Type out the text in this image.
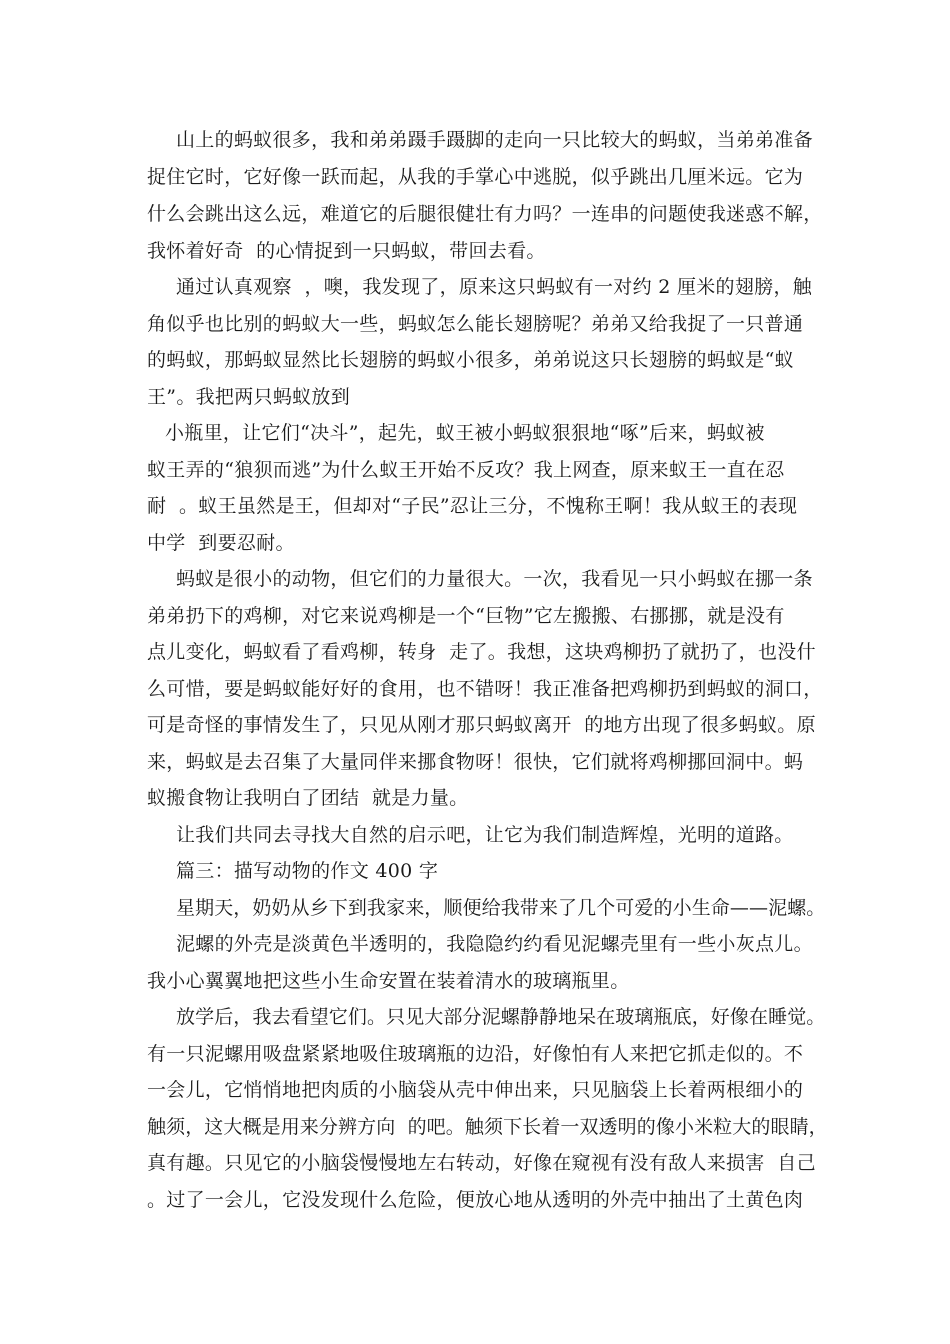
山上的蚂蚁很多，我和弟弟蹑手蹑脚的走向一只比较大的蚂蚁，当弟弟准备
捉住它时，它好像一跃而起，从我的手掌心中逃脱，似乎跳出几厘米远。它为
什么会跳出这么远，难道它的后腿很健壮有力吗？一连串的问题使我迷惑不解，
我怀着好奇  的心情捉到一只蚂蚁，带回去看。
通过认真观察  ，噢，我发现了，原来这只蚂蚁有一对约 2 厘米的翅膀，触
角似乎也比别的蚂蚁大一些，蚂蚁怎么能长翅膀呢？弟弟又给我捉了一只普通
的蚂蚁，那蚂蚁显然比长翅膀的蚂蚁小很多，弟弟说这只长翅膀的蚂蚁是“蚁
王”。我把两只蚂蚁放到
小瓶里，让它们“决斗”，起先，蚁王被小蚂蚁狠狠地“啄”后来，蚂蚁被
蚁王弄的“狼狈而逃”为什么蚁王开始不反攻？我上网查，原来蚁王一直在忍
耐  。蚁王虽然是王，但却对“子民”忍让三分，不愧称王啊！我从蚁王的表现
中学  到要忍耐。
蚂蚁是很小的动物，但它们的力量很大。一次，我看见一只小蚂蚁在挪一条
弟弟扔下的鸡柳，对它来说鸡柳是一个“巨物”它左搬搬、右挪挪，就是没有
点儿变化，蚂蚁看了看鸡柳，转身  走了。我想，这块鸡柳扔了就扔了，也没什
么可惜，要是蚂蚁能好好的食用，也不错呀！我正准备把鸡柳扔到蚂蚁的洞口，
可是奇怪的事情发生了，只见从刚才那只蚂蚁离开  的地方出现了很多蚂蚁。原
来，蚂蚁是去召集了大量同伴来挪食物呀！很快，它们就将鸡柳挪回洞中。蚂
蚁搬食物让我明白了团结  就是力量。
让我们共同去寻找大自然的启示吧，让它为我们制造辉煌，光明的道路。
篇三：描写动物的作文 400 字
星期天，奶奶从乡下到我家来，顺便给我带来了几个可爱的小生命——泥螺。
泥螺的外壳是淡黄色半透明的，我隐隐约约看见泥螺壳里有一些小灰点儿。
我小心翼翼地把这些小生命安置在装着清水的玻璃瓶里。
放学后，我去看望它们。只见大部分泥螺静静地呆在玻璃瓶底，好像在睡觉。
有一只泥螺用吸盘紧紧地吸住玻璃瓶的边沿，好像怕有人来把它抓走似的。不
一会儿，它悄悄地把肉质的小脑袋从壳中伸出来，只见脑袋上长着两根细小的
触须，这大概是用来分辨方向  的吧。触须下长着一双透明的像小米粒大的眼睛，
真有趣。只见它的小脑袋慢慢地左右转动，好像在窥视有没有敌人来损害  自己
。过了一会儿，它没发现什么危险，便放心地从透明的外壳中抽出了土黄色肉
